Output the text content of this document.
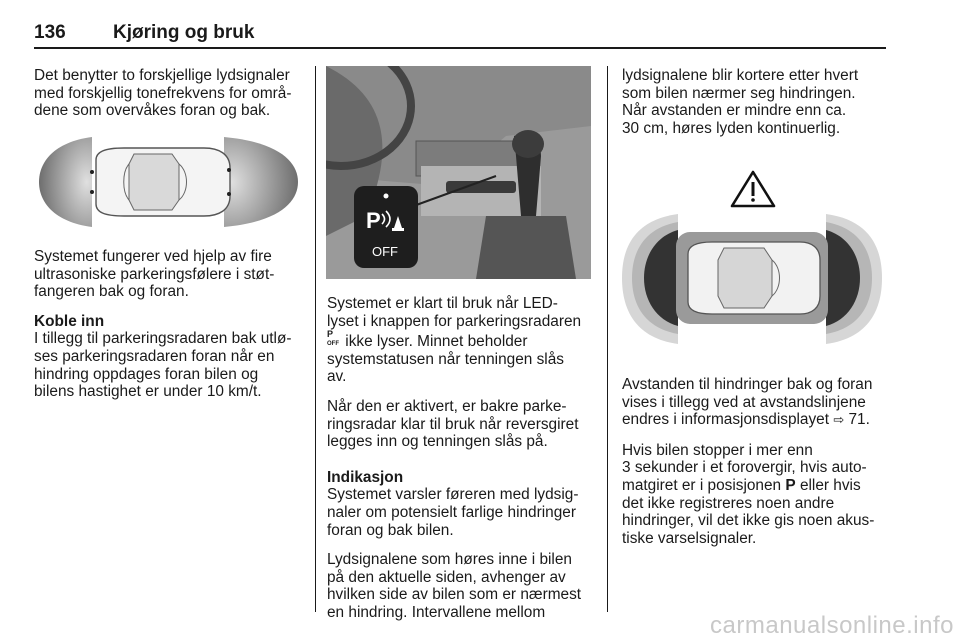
136 Kjøring og bruk

Det benytter to forskjellige lydsignaler
med forskjellig tonefrekvens for områ-
dene som overvåkes foran og bak.

Systemet fungerer ved hjelp av fire
ultrasoniske parkeringsfølere i støt-
fangeren bak og foran.

Koble inn

I tillegg til parkeringsradaren bak utlø-
ses parkeringsradaren foran når en
hindring oppdages foran bilen og
bilens hastighet er under 10 km/t.

P
OFF

Systemet er klart til bruk når LED-
lyset i knappen for parkeringsradaren
P
OFF ikke lyser. Minnet beholder
systemstatusen når tenningen slås
av.

Når den er aktivert, er bakre parke-
ringsradar klar til bruk når reversgiret
legges inn og tenningen slås på.

Indikasjon

Systemet varsler føreren med lydsig-
naler om potensielt farlige hindringer
foran og bak bilen.

Lydsignalene som høres inne i bilen
på den aktuelle siden, avhenger av
hvilken side av bilen som er nærmest
en hindring. Intervallene mellom

lydsignalene blir kortere etter hvert
som bilen nærmer seg hindringen.
Når avstanden er mindre enn ca.
30 cm, høres lyden kontinuerlig.

Avstanden til hindringer bak og foran
vises i tillegg ved at avstandslinjene
endres i informasjonsdisplayet ⇨ 71.

Hvis bilen stopper i mer enn
3 sekunder i et forovergir, hvis auto-
matgiret er i posisjonen P eller hvis
det ikke registreres noen andre
hindringer, vil det ikke gis noen akus-
tiske varselsignaler.

carmanualsonline.info
